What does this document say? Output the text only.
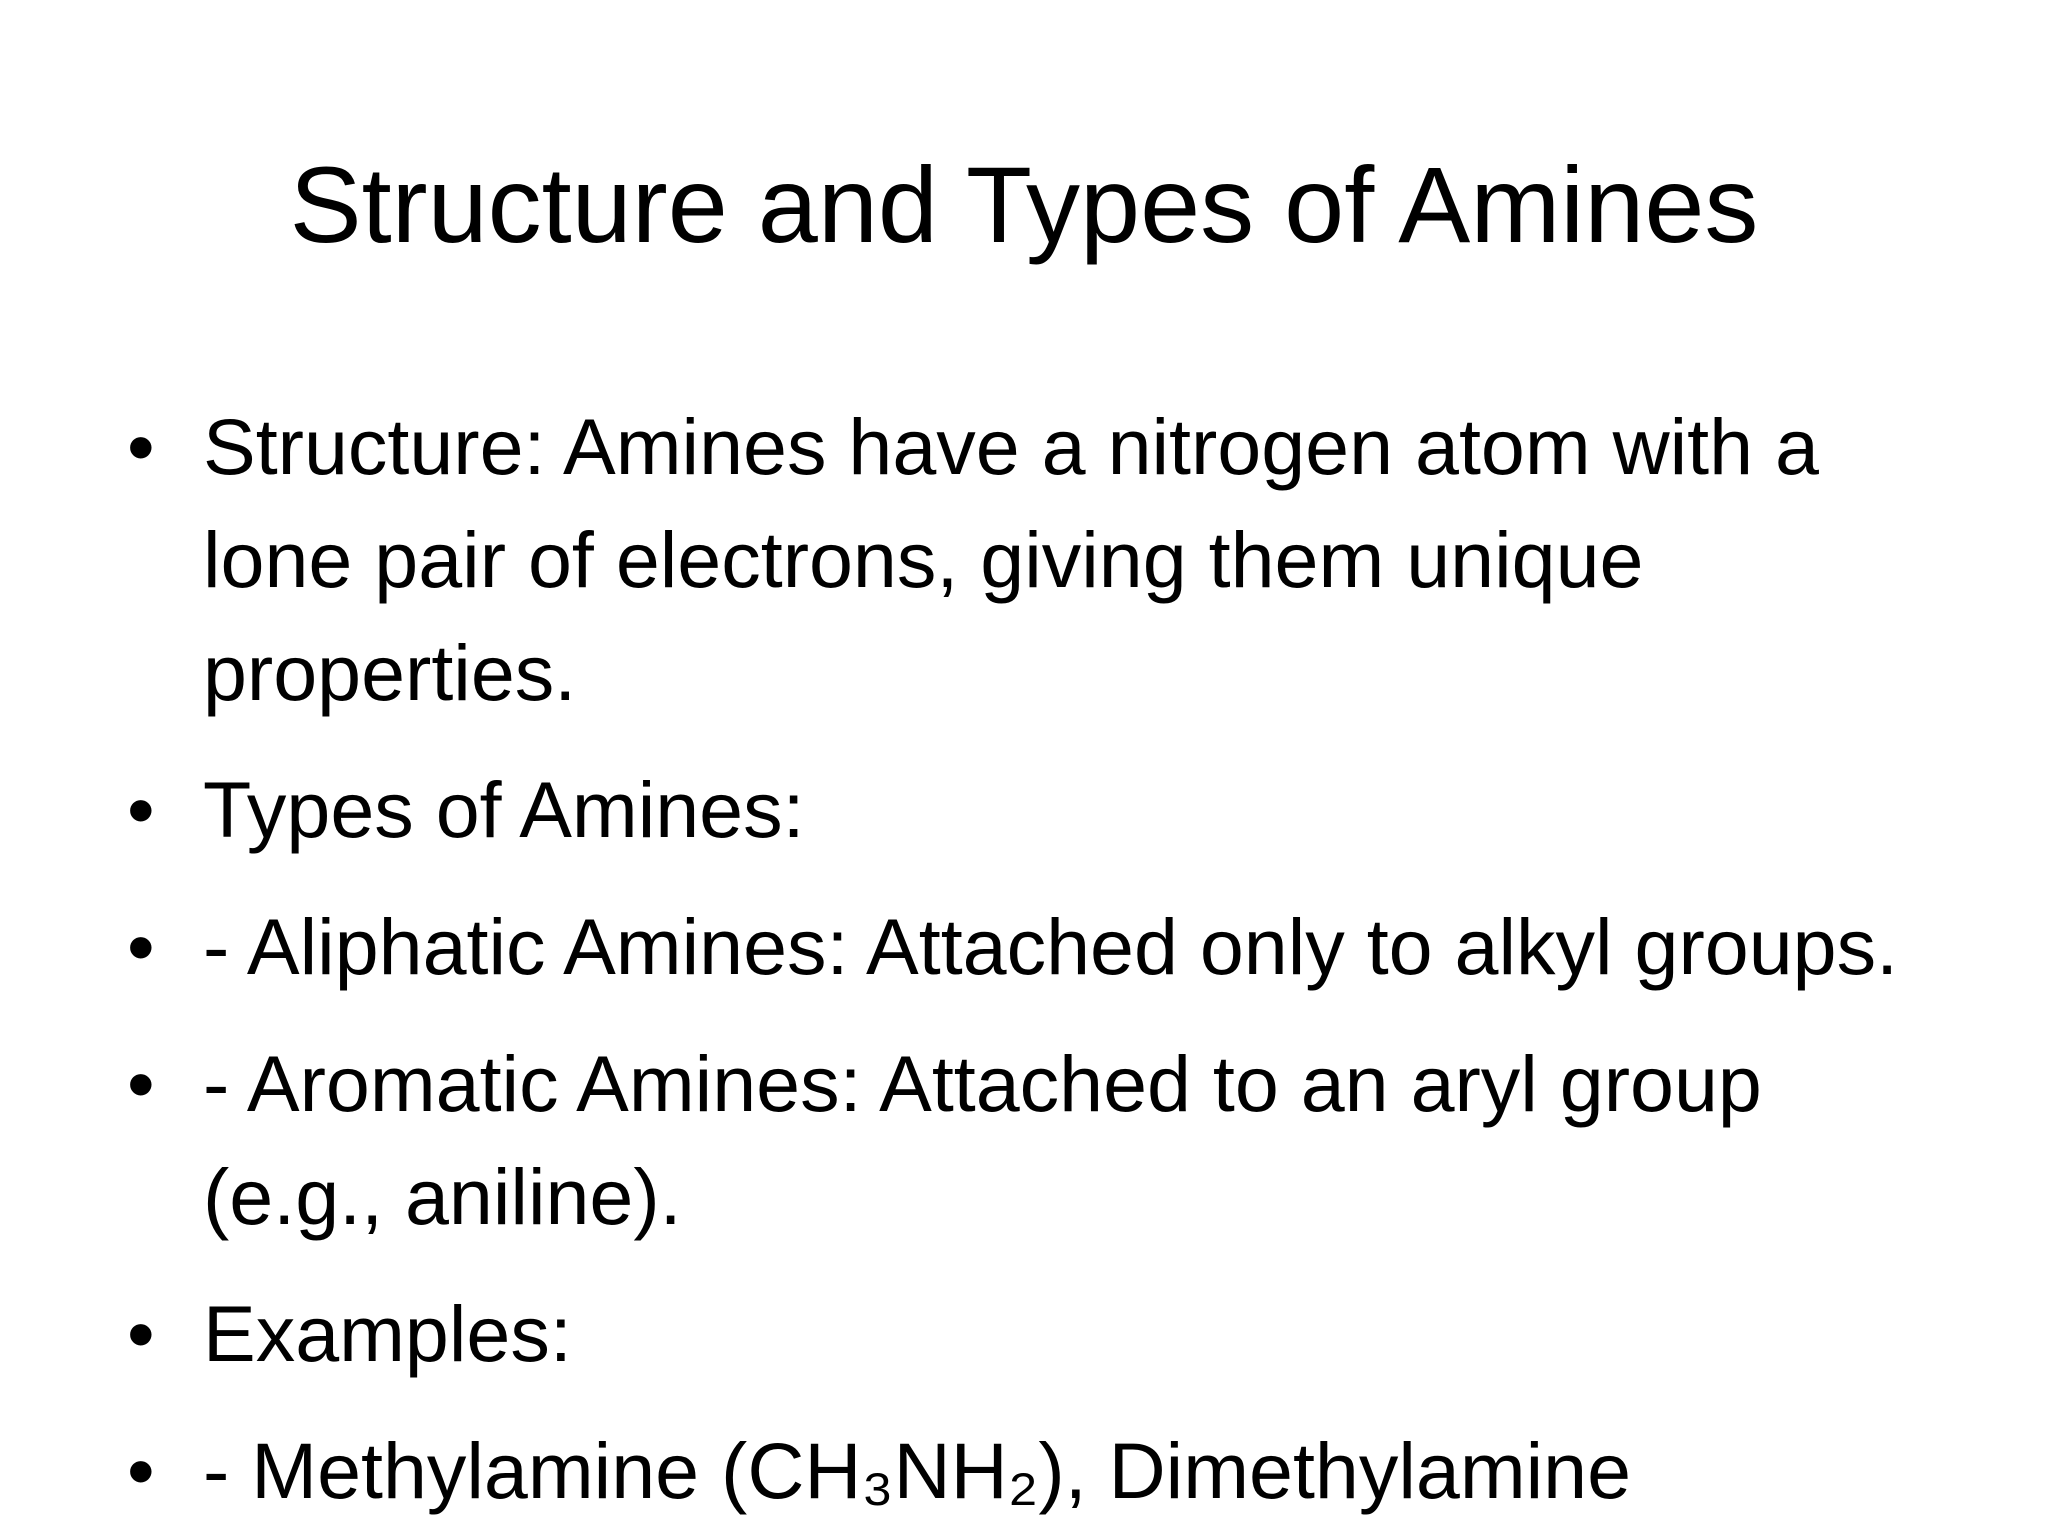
Structure and Types of Amines
• Structure: Amines have a nitrogen atom with a lone pair of electrons, giving them unique properties.
• Types of Amines:
• - Aliphatic Amines: Attached only to alkyl groups.
• - Aromatic Amines: Attached to an aryl group (e.g., aniline).
• Examples:
• - Methylamine (CH₃NH₂), Dimethylamine
